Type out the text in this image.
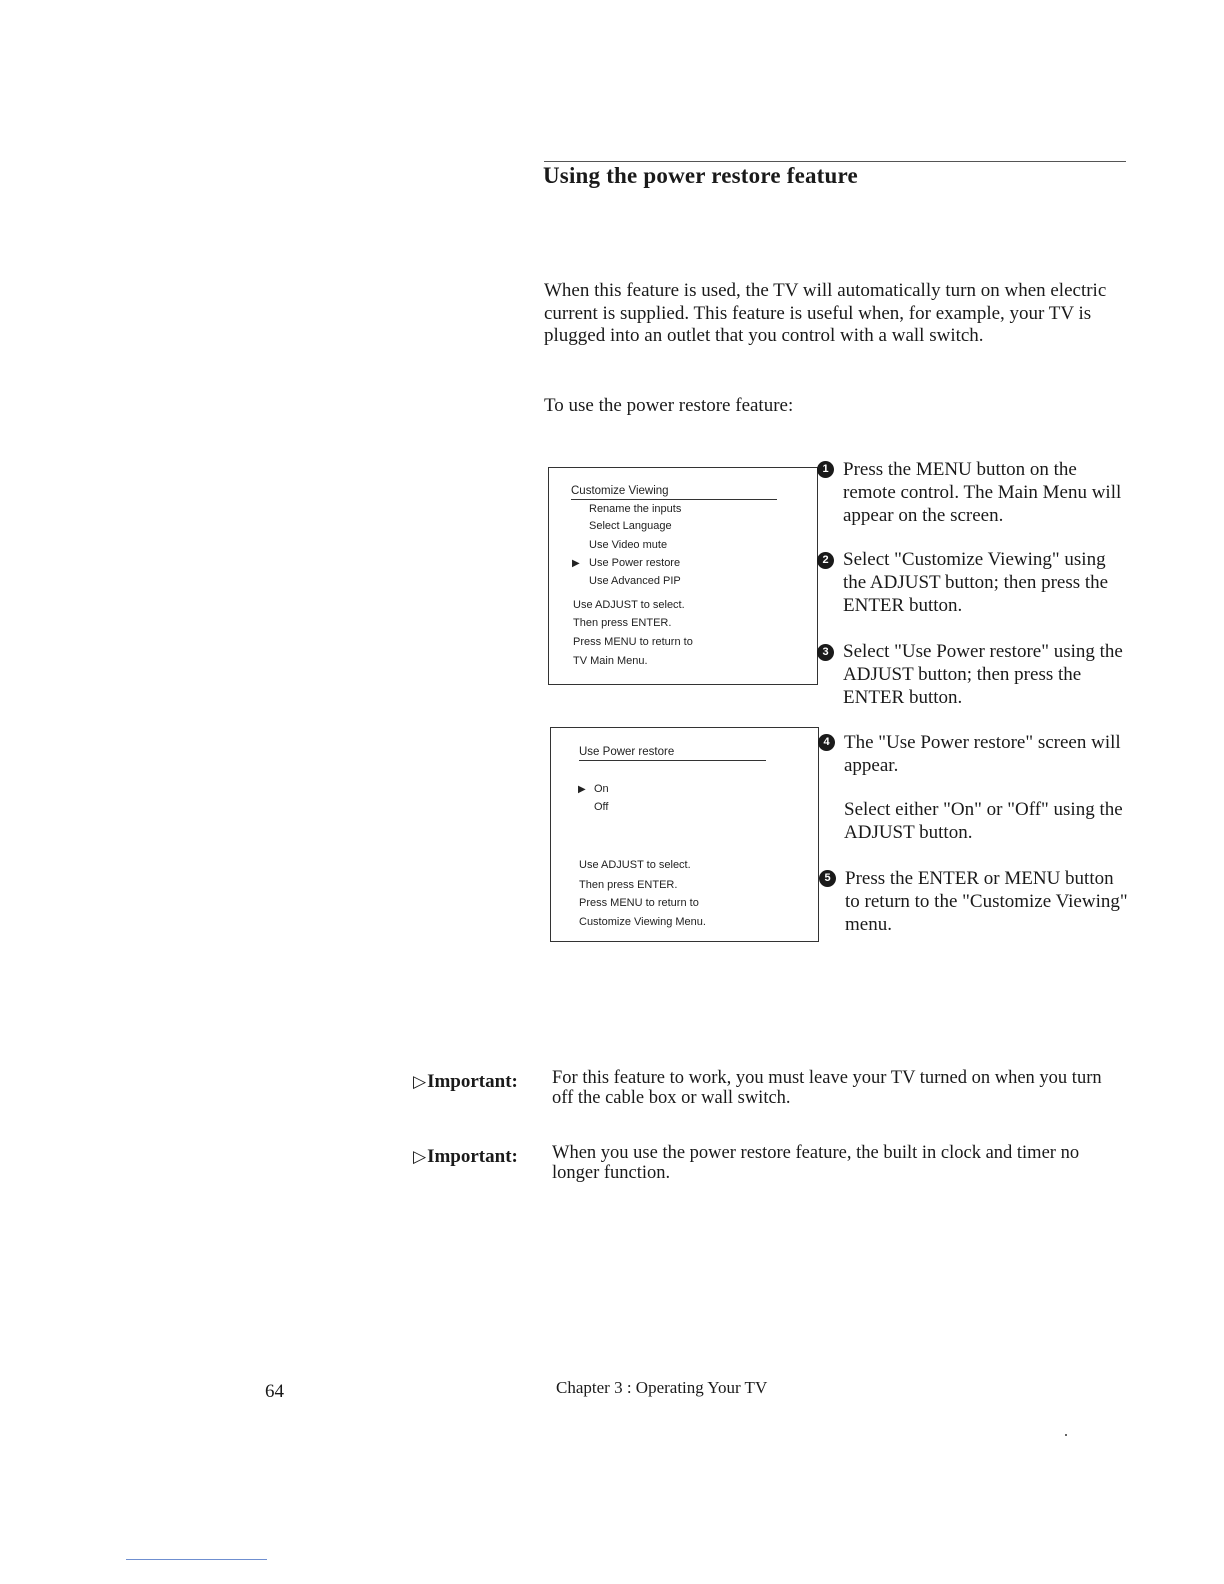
Using the power restore feature
When this feature is used, the TV will automatically turn on when electric current is supplied. This feature is useful when, for example, your TV is plugged into an outlet that you control with a wall switch.
To use the power restore feature:
Customize Viewing
Rename the inputs
Select Language
Use Video mute
▶ Use Power restore
Use Advanced PIP
Use ADJUST to select.
Then press ENTER.
Press MENU to return to
TV Main Menu.
Use Power restore
▶ On
Off
Use ADJUST to select.
Then press ENTER.
Press MENU to return to
Customize Viewing Menu.
1 Press the MENU button on the remote control. The Main Menu will appear on the screen.
2 Select "Customize Viewing" using the ADJUST button; then press the ENTER button.
3 Select "Use Power restore" using the ADJUST button; then press the ENTER button.
4 The "Use Power restore" screen will appear.
Select either "On" or "Off" using the ADJUST button.
5 Press the ENTER or MENU button to return to the "Customize Viewing" menu.
▷Important:	For this feature to work, you must leave your TV turned on when you turn off the cable box or wall switch.
▷Important:	When you use the power restore feature, the built in clock and timer no longer function.
64	Chapter 3 : Operating Your TV
